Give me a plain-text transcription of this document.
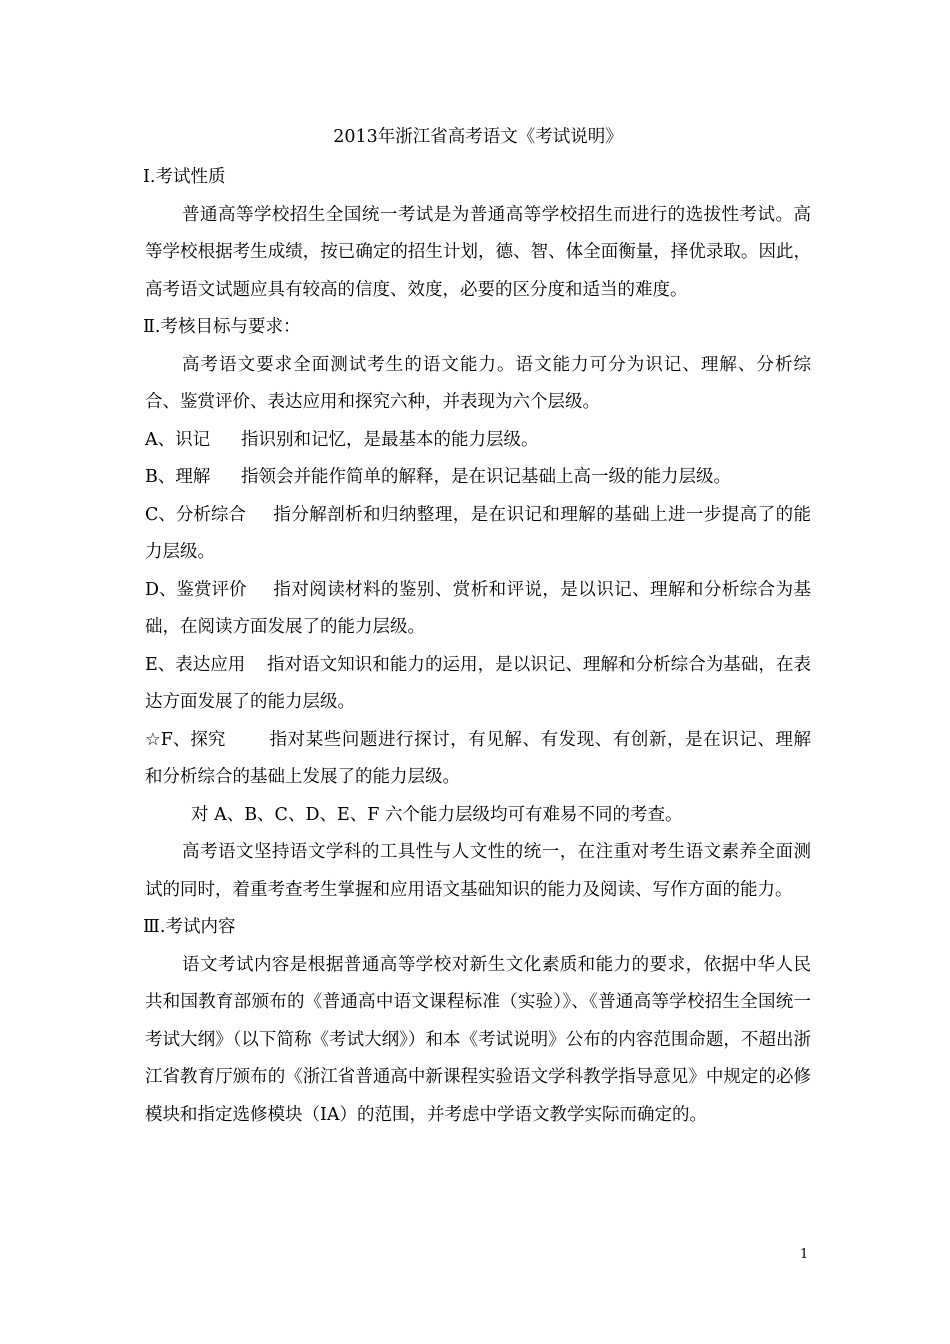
2013年浙江省高考语文《考试说明》

Ⅰ.考试性质

普通高等学校招生全国统一考试是为普通高等学校招生而进行的选拔性考试。高等学校根据考生成绩，按已确定的招生计划，德、智、体全面衡量，择优录取。因此，高考语文试题应具有较高的信度、效度，必要的区分度和适当的难度。

Ⅱ.考核目标与要求：

高考语文要求全面测试考生的语文能力。语文能力可分为识记、理解、分析综合、鉴赏评价、表达应用和探究六种，并表现为六个层级。

A、识记 指识别和记忆，是最基本的能力层级。

B、理解 指领会并能作简单的解释，是在识记基础上高一级的能力层级。

C、分析综合 指分解剖析和归纳整理，是在识记和理解的基础上进一步提高了的能力层级。

D、鉴赏评价 指对阅读材料的鉴别、赏析和评说，是以识记、理解和分析综合为基础，在阅读方面发展了的能力层级。

E、表达应用 指对语文知识和能力的运用，是以识记、理解和分析综合为基础，在表达方面发展了的能力层级。

☆F、探究 指对某些问题进行探讨，有见解、有发现、有创新，是在识记、理解和分析综合的基础上发展了的能力层级。

对 A、B、C、D、E、F 六个能力层级均可有难易不同的考查。

高考语文坚持语文学科的工具性与人文性的统一，在注重对考生语文素养全面测试的同时，着重考查考生掌握和应用语文基础知识的能力及阅读、写作方面的能力。

Ⅲ.考试内容

语文考试内容是根据普通高等学校对新生文化素质和能力的要求，依据中华人民共和国教育部颁布的《普通高中语文课程标准（实验）》、《普通高等学校招生全国统一考试大纲》（以下简称《考试大纲》）和本《考试说明》公布的内容范围命题，不超出浙江省教育厅颁布的《浙江省普通高中新课程实验语文学科教学指导意见》中规定的必修模块和指定选修模块（IA）的范围，并考虑中学语文教学实际而确定的。

1
